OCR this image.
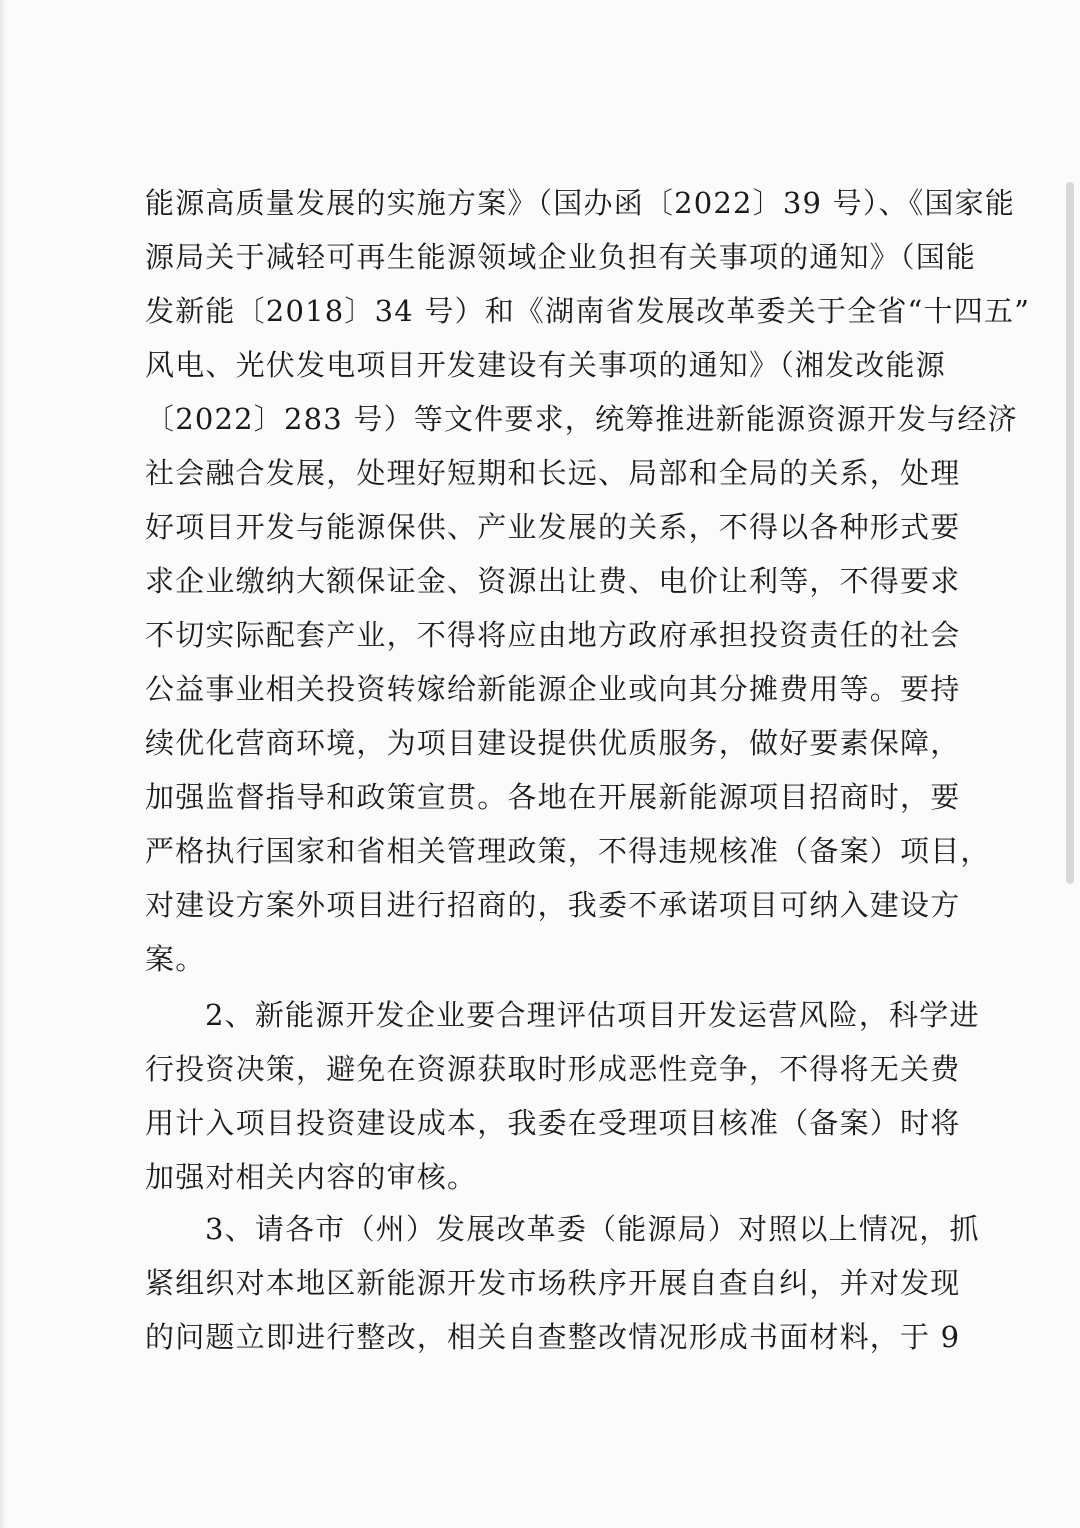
能源高质量发展的实施方案》（国办函〔2022〕39 号）、《国家能
源局关于减轻可再生能源领域企业负担有关事项的通知》（国能
发新能〔2018〕34 号）和《湖南省发展改革委关于全省“十四五”
风电、光伏发电项目开发建设有关事项的通知》（湘发改能源
〔2022〕283 号）等文件要求，统筹推进新能源资源开发与经济
社会融合发展，处理好短期和长远、局部和全局的关系，处理
好项目开发与能源保供、产业发展的关系，不得以各种形式要
求企业缴纳大额保证金、资源出让费、电价让利等，不得要求
不切实际配套产业，不得将应由地方政府承担投资责任的社会
公益事业相关投资转嫁给新能源企业或向其分摊费用等。要持
续优化营商环境，为项目建设提供优质服务，做好要素保障，
加强监督指导和政策宣贯。各地在开展新能源项目招商时，要
严格执行国家和省相关管理政策，不得违规核准（备案）项目，
对建设方案外项目进行招商的，我委不承诺项目可纳入建设方
案。
2、新能源开发企业要合理评估项目开发运营风险，科学进
行投资决策，避免在资源获取时形成恶性竞争，不得将无关费
用计入项目投资建设成本，我委在受理项目核准（备案）时将
加强对相关内容的审核。
3、请各市（州）发展改革委（能源局）对照以上情况，抓
紧组织对本地区新能源开发市场秩序开展自查自纠，并对发现
的问题立即进行整改，相关自查整改情况形成书面材料，于 9
